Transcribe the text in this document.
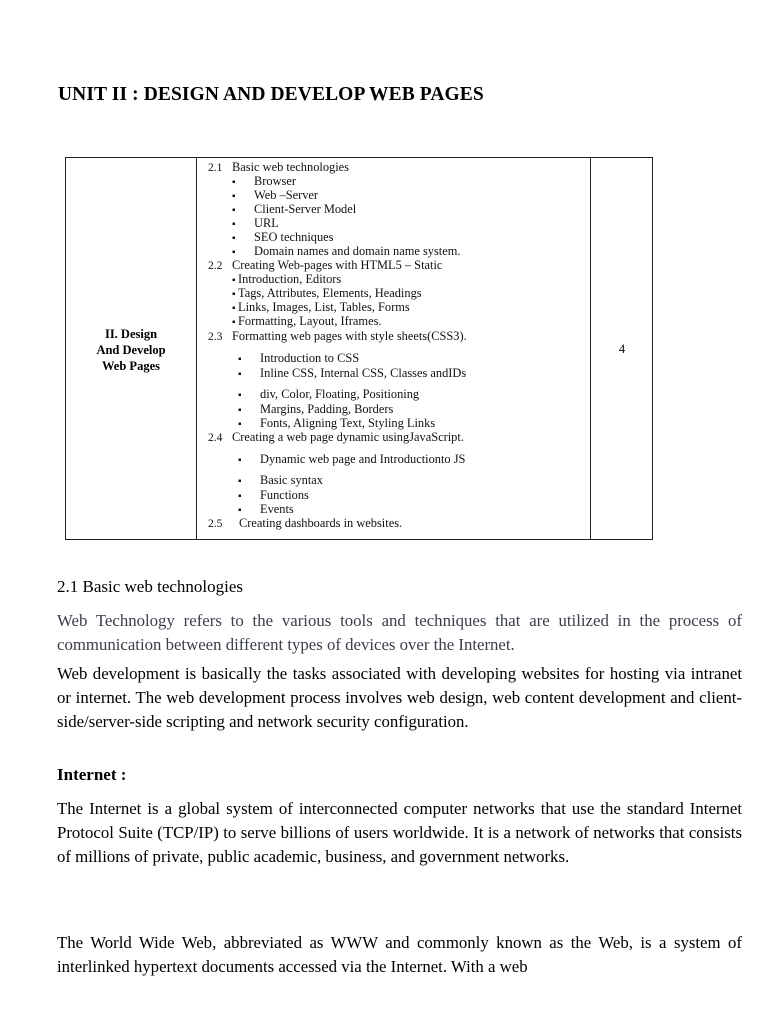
UNIT II : DESIGN AND DEVELOP WEB PAGES
II. Design
And Develop
Web Pages
2.1 Basic web technologies
▪ Browser
▪ Web –Server
▪ Client-Server Model
▪ URL
▪ SEO techniques
▪ Domain names and domain name system.
2.2 Creating Web-pages with HTML5 – Static
▪ Introduction, Editors
▪ Tags, Attributes, Elements, Headings
▪ Links, Images, List, Tables, Forms
▪ Formatting, Layout, Iframes.
2.3 Formatting web pages with style sheets(CSS3).
▪ Introduction to CSS
▪ Inline CSS, Internal CSS, Classes andIDs
▪ div, Color, Floating, Positioning
▪ Margins, Padding, Borders
▪ Fonts, Aligning Text, Styling Links
2.4 Creating a web page dynamic usingJavaScript.
▪ Dynamic web page and Introductionto JS
▪ Basic syntax
▪ Functions
▪ Events
2.5 Creating dashboards in websites.
4
2.1 Basic web technologies

Web Technology refers to the various tools and techniques that are utilized in the process of communication between different types of devices over the Internet.

Web development is basically the tasks associated with developing websites for hosting via intranet or internet. The web development process involves web design, web content development and client-side/server-side scripting and network security configuration.

Internet :

The Internet is a global system of interconnected computer networks that use the standard Internet Protocol Suite (TCP/IP) to serve billions of users worldwide. It is a network of networks that consists of millions of private, public academic, business, and government networks.

The World Wide Web, abbreviated as WWW and commonly known as the Web, is a system of interlinked hypertext documents accessed via the Internet. With a web
